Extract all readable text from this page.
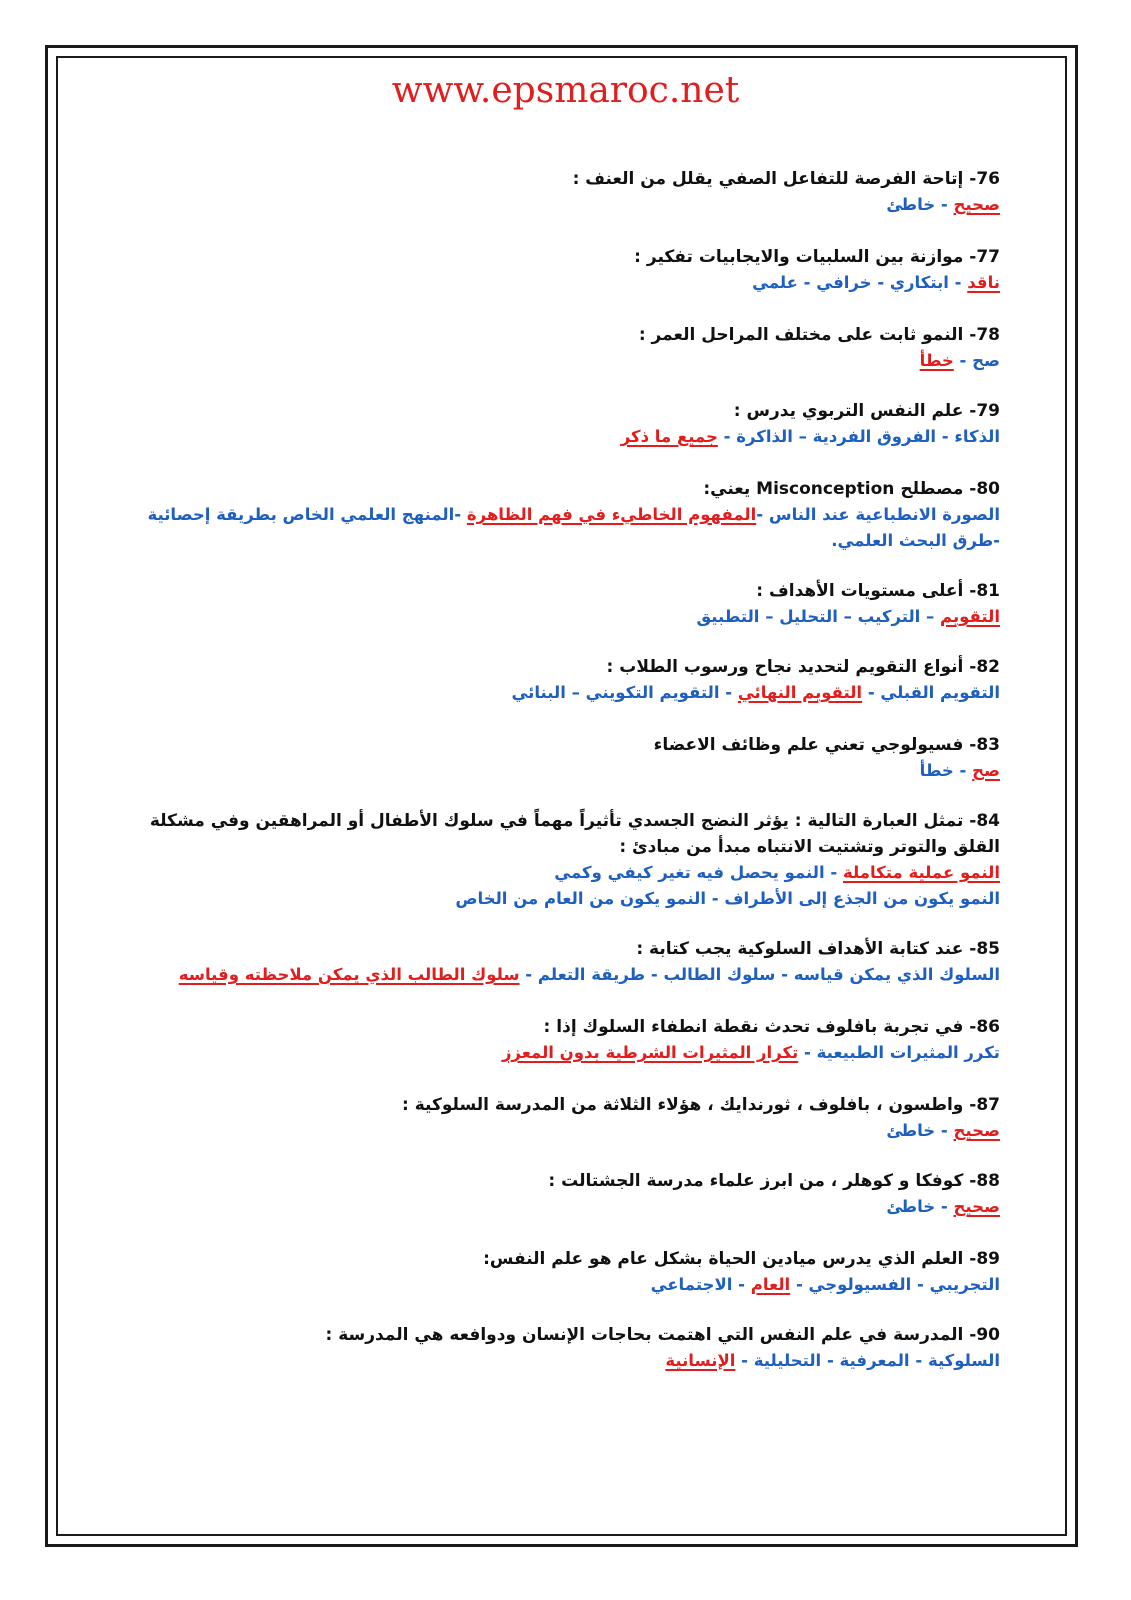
www.epsmaroc.net
76- إتاحة الفرصة للتفاعل الصفي يقلل من العنف :
صحيح - خاطئ
77- موازنة بين السلبيات والايجابيات تفكير :
ناقد - ابتكاري - خرافي - علمي
78- النمو ثابت على مختلف المراحل العمر :
صح - خطأ
79- علم النفس التربوي يدرس :
الذكاء - الفروق الفردية – الذاكرة - جميع ما ذكر
80- مصطلح Misconception يعني:
الصورة الانطباعية عند الناس -المفهوم الخاطيء في فهم الظاهرة -المنهج العلمي الخاص بطريقة إحصائية -طرق البحث العلمي.
81- أعلى مستويات الأهداف :
التقويم – التركيب – التحليل – التطبيق
82- أنواع التقويم لتحديد نجاح ورسوب الطلاب :
التقويم القبلي - التقويم النهائي - التقويم التكويني – البنائي
83- فسيولوجي تعني علم وظائف الاعضاء
صح - خطأ
84- تمثل العبارة التالية : يؤثر النضج الجسدي تأثيراً مهماً في سلوك الأطفال أو المراهقين وفي مشكلة القلق والتوتر وتشتيت الانتباه مبدأ من مبادئ :
النمو عملية متكاملة - النمو يحصل فيه تغير كيفي وكمي
النمو يكون من الجذع إلى الأطراف - النمو يكون من العام من الخاص
85- عند كتابة الأهداف السلوكية يجب كتابة :
السلوك الذي يمكن قياسه - سلوك الطالب - طريقة التعلم - سلوك الطالب الذي يمكن ملاحظته وقياسه
86- في تجربة بافلوف تحدث نقطة انطفاء السلوك إذا :
تكرر المثيرات الطبيعية - تكرار المثيرات الشرطية بدون المعزز
87- واطسون ، بافلوف ، ثورندايك ، هؤلاء الثلاثة من المدرسة السلوكية :
صحيح - خاطئ
88- كوفكا و كوهلر ، من ابرز علماء مدرسة الجشتالت :
صحيح - خاطئ
89- العلم الذي يدرس ميادين الحياة بشكل عام هو علم النفس:
التجريبي - الفسيولوجي - العام - الاجتماعي
90- المدرسة في علم النفس التي اهتمت بحاجات الإنسان ودوافعه هي المدرسة :
السلوكية - المعرفية - التحليلية - الإنسانية
